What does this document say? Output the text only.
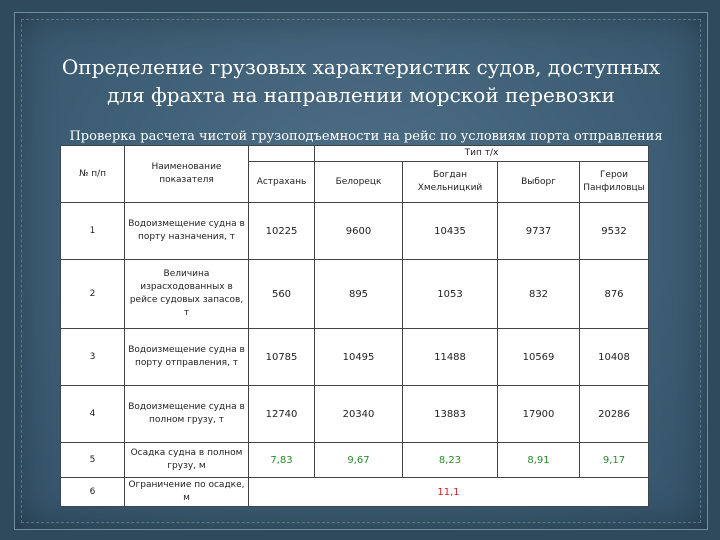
Определение грузовых характеристик судов, доступных
для фрахта на направлении морской перевозки
Проверка расчета чистой грузоподъемности на рейс по условиям порта отправления
№ п/п	Наименование показателя		Тип т/х			
		Астрахань	Белорецк	Богдан Хмельницкий	Выборг	Герои Панфиловцы
1	Водоизмещение судна в порту назначения, т	10225	9600	10435	9737	9532
2	Величина израсходованных в рейсе судовых запасов, т	560	895	1053	832	876
3	Водоизмещение судна в порту отправления, т	10785	10495	11488	10569	10408
4	Водоизмещение судна в полном грузу, т	12740	20340	13883	17900	20286
5	Осадка судна в полном грузу, м	7,83	9,67	8,23	8,91	9,17
6	Ограничение по осадке, м	11,1				
